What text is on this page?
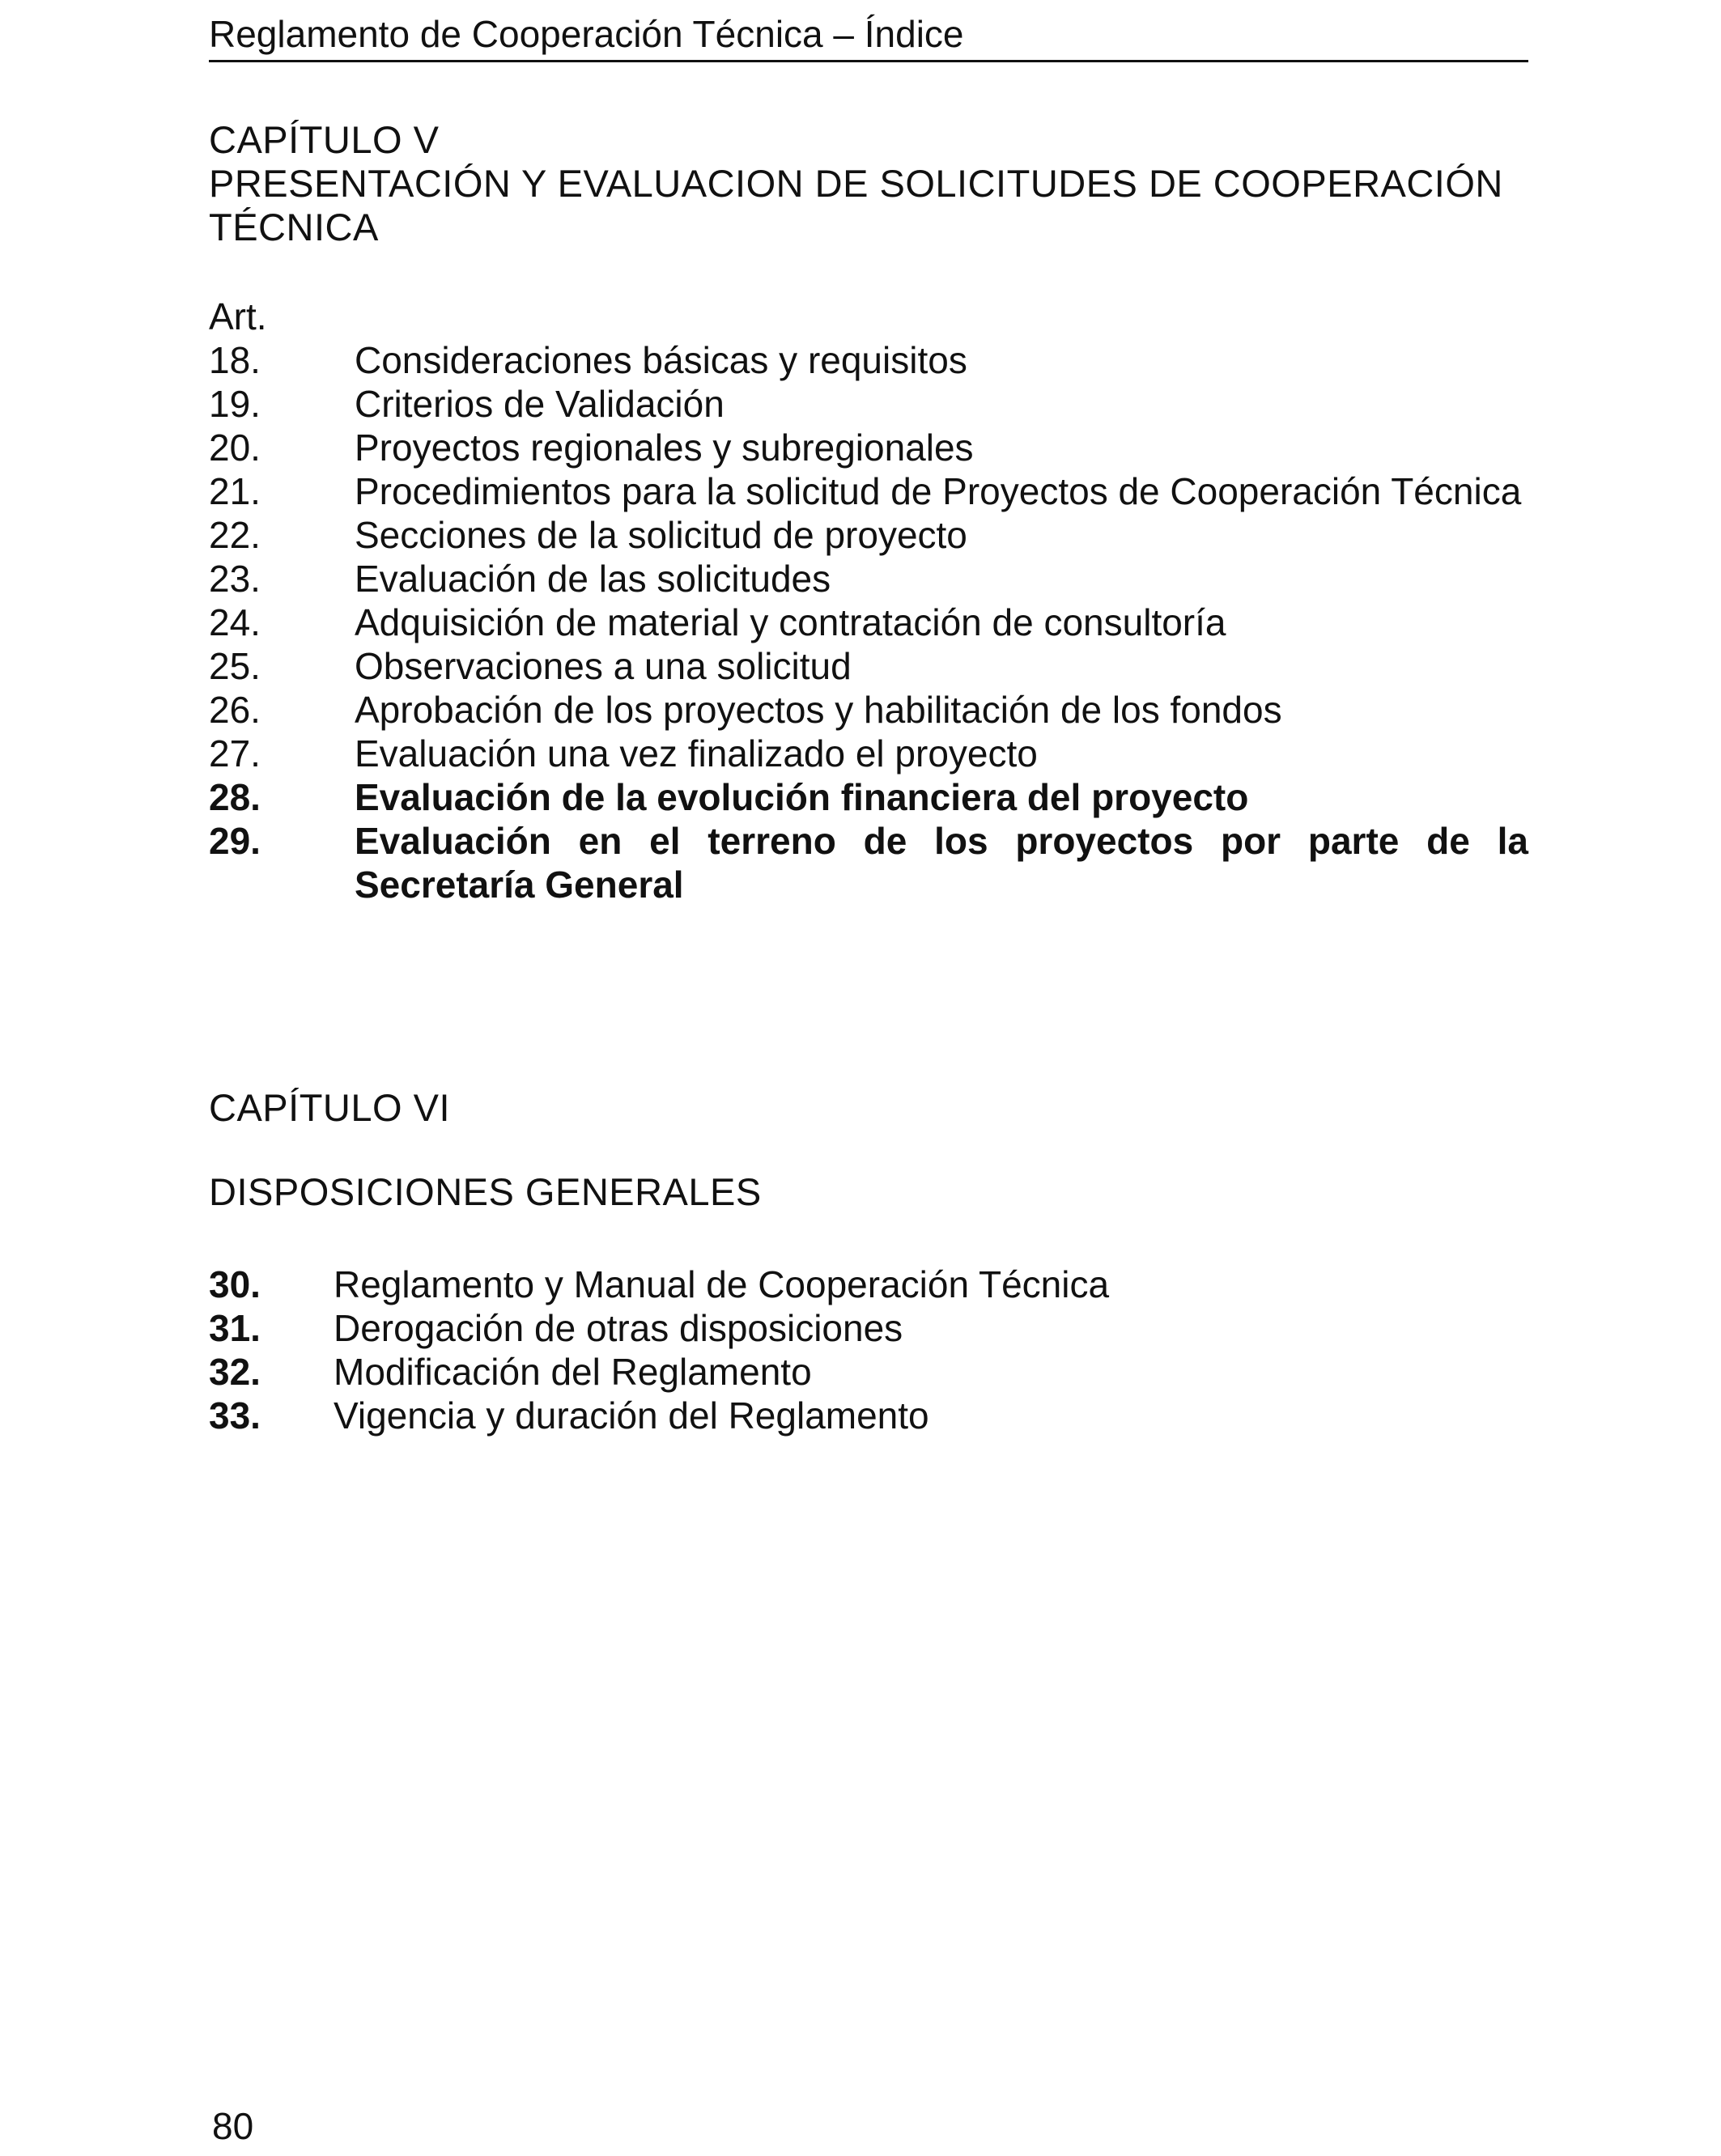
Reglamento de Cooperación Técnica – Índice
CAPÍTULO V
PRESENTACIÓN Y EVALUACION DE SOLICITUDES DE COOPERACIÓN TÉCNICA
Art.
18.	Consideraciones básicas y requisitos
19.	Criterios de Validación
20.	Proyectos regionales y subregionales
21.	Procedimientos para la solicitud de Proyectos de Cooperación Técnica
22.	Secciones de la solicitud de proyecto
23.	Evaluación de las solicitudes
24.	Adquisición de material y contratación de consultoría
25.	Observaciones a una solicitud
26.	Aprobación de los proyectos y habilitación de los fondos
27.	Evaluación una vez finalizado el proyecto
28.	Evaluación de la evolución financiera del proyecto
29.	Evaluación en el terreno de los proyectos por parte de la Secretaría General
CAPÍTULO VI
DISPOSICIONES GENERALES
30.	Reglamento y Manual de Cooperación Técnica
31.	Derogación de otras disposiciones
32.	Modificación del Reglamento
33.	Vigencia y duración del Reglamento
80
